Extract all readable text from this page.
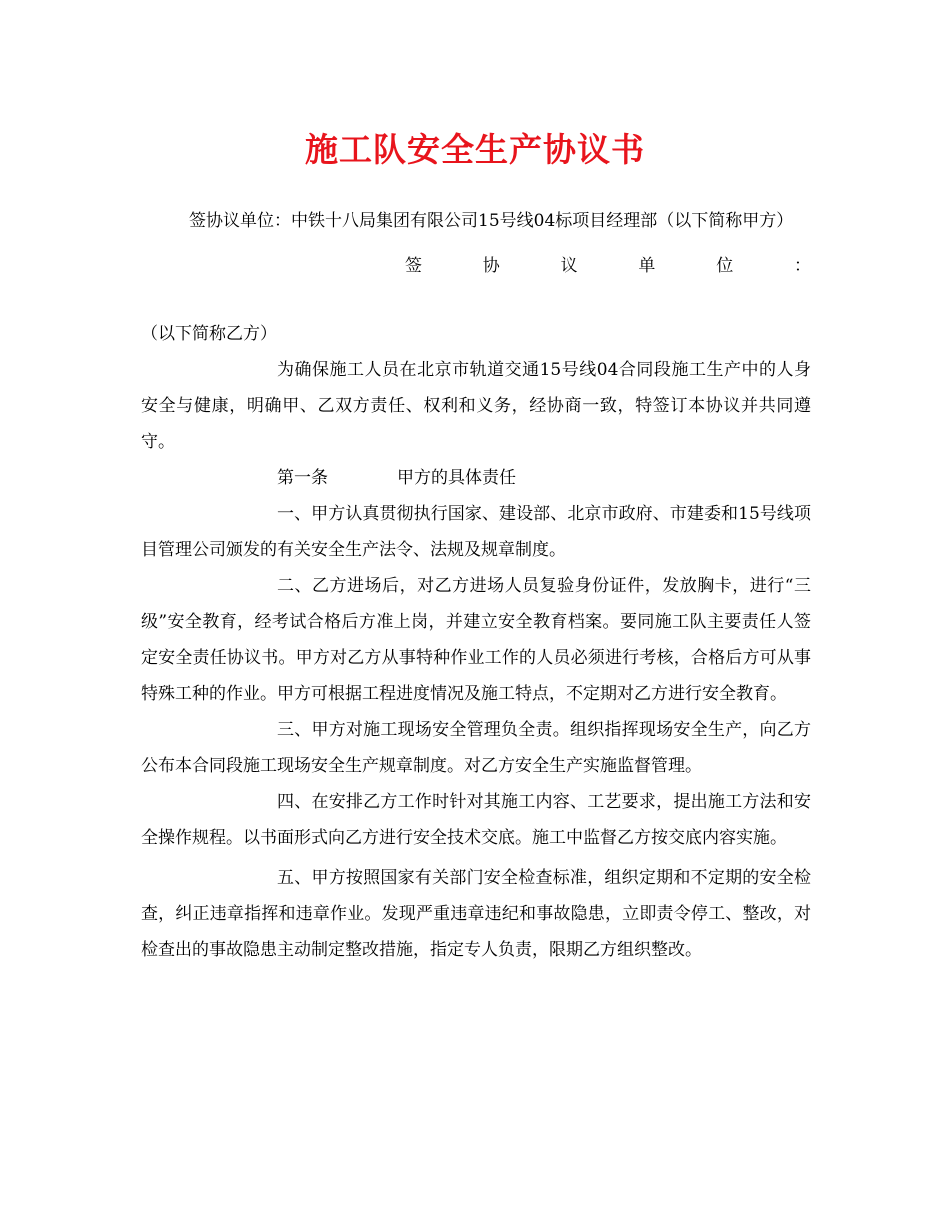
施工队安全生产协议书

签协议单位：中铁十八局集团有限公司15号线04标项目经理部（以下简称甲方）

签	协	议	单	位	：

（以下简称乙方）

为确保施工人员在北京市轨道交通15号线04合同段施工生产中的人身安全与健康，明确甲、乙双方责任、权利和义务，经协商一致，特签订本协议并共同遵守。

第一条	甲方的具体责任

一、甲方认真贯彻执行国家、建设部、北京市政府、市建委和15号线项目管理公司颁发的有关安全生产法令、法规及规章制度。

二、乙方进场后，对乙方进场人员复验身份证件，发放胸卡，进行“三级”安全教育，经考试合格后方准上岗，并建立安全教育档案。要同施工队主要责任人签定安全责任协议书。甲方对乙方从事特种作业工作的人员必须进行考核，合格后方可从事特殊工种的作业。甲方可根据工程进度情况及施工特点，不定期对乙方进行安全教育。

三、甲方对施工现场安全管理负全责。组织指挥现场安全生产，向乙方公布本合同段施工现场安全生产规章制度。对乙方安全生产实施监督管理。

四、在安排乙方工作时针对其施工内容、工艺要求，提出施工方法和安全操作规程。以书面形式向乙方进行安全技术交底。施工中监督乙方按交底内容实施。

五、甲方按照国家有关部门安全检查标准，组织定期和不定期的安全检查，纠正违章指挥和违章作业。发现严重违章违纪和事故隐患，立即责令停工、整改，对检查出的事故隐患主动制定整改措施，指定专人负责，限期乙方组织整改。
